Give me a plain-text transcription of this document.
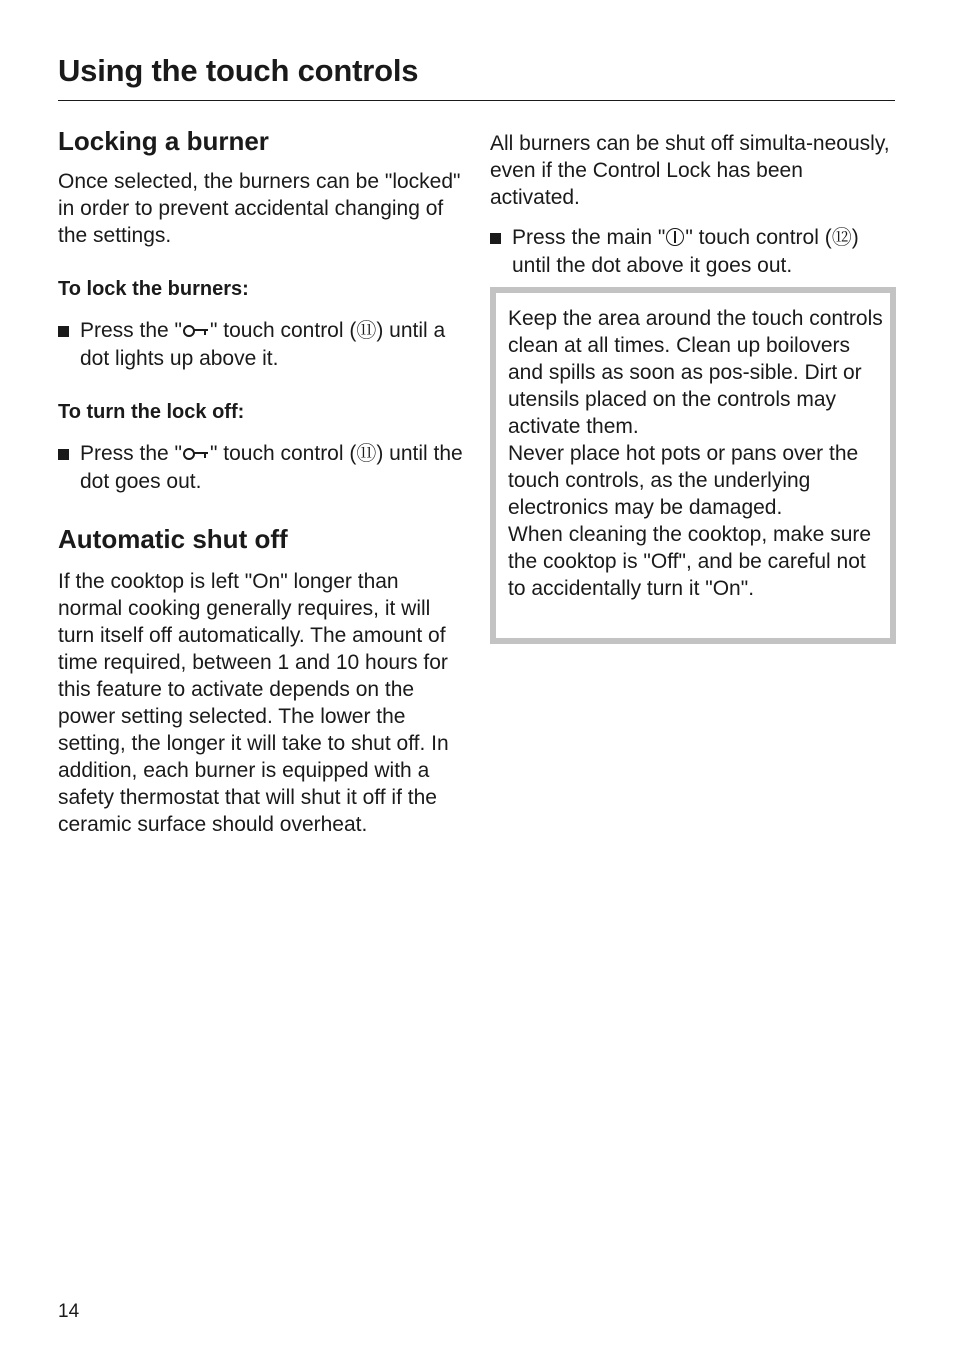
Using the touch controls
Locking a burner

Once selected, the burners can be "locked" in order to prevent accidental changing of the settings.

To lock the burners:
Press the " " touch control (⑪) until a dot lights up above it.
To turn the lock off:
Press the " " touch control (⑪) until the dot goes out.
Automatic shut off

If the cooktop is left "On" longer than normal cooking generally requires, it will turn itself off automatically. The amount of time required, between 1 and 10 hours for this feature to activate depends on the power setting selected. The lower the setting, the longer it will take to shut off. In addition, each burner is equipped with a safety thermostat that will shut it off if the ceramic surface should overheat.

All burners can be shut off simulta-neously, even if the Control Lock has been activated.

Press the main " " touch control (⑫) until the dot above it goes out.

Keep the area around the touch controls clean at all times. Clean up boilovers and spills as soon as pos-sible. Dirt or utensils placed on the controls may activate them.
Never place hot pots or pans over the touch controls, as the underlying electronics may be damaged.
When cleaning the cooktop, make sure the cooktop is "Off", and be careful not to accidentally turn it "On".

14
